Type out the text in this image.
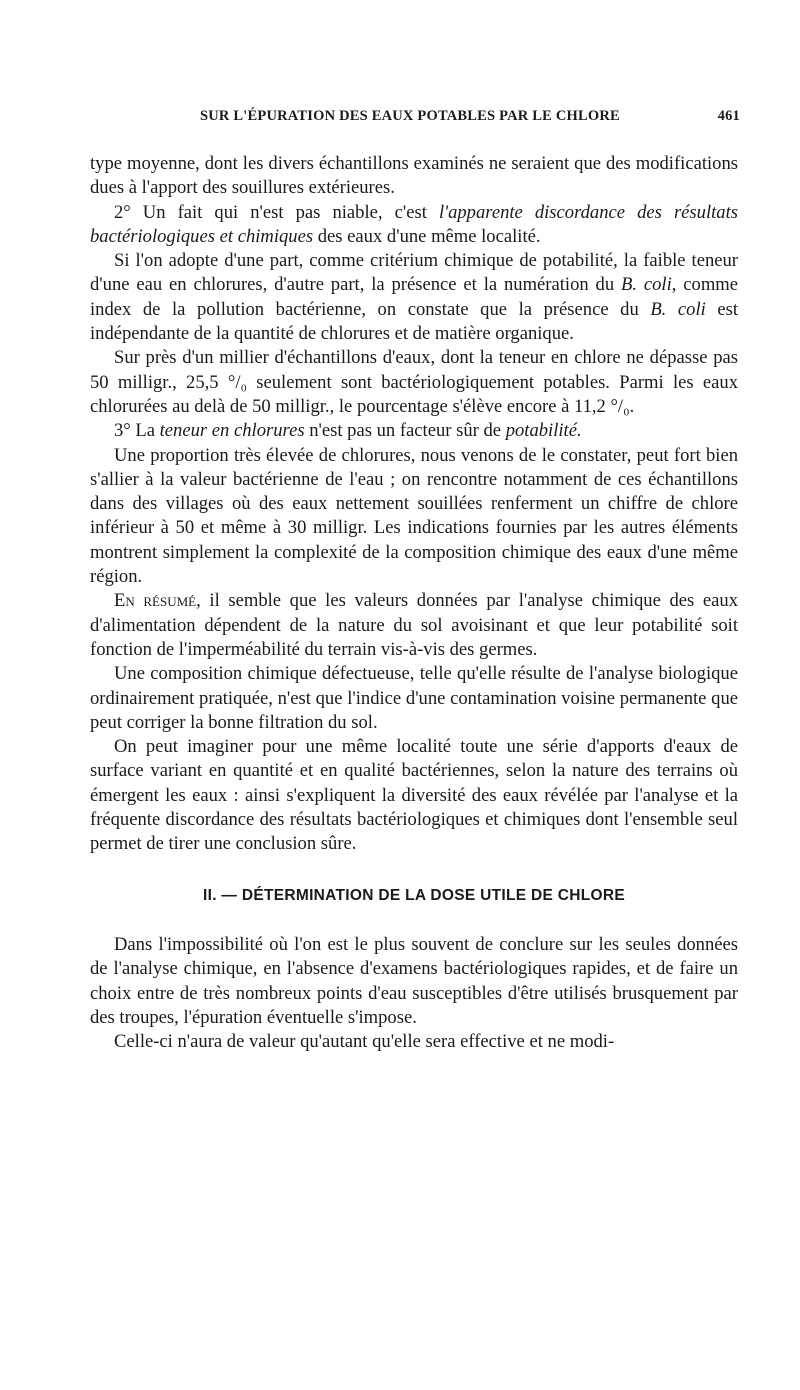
SUR L'ÉPURATION DES EAUX POTABLES PAR LE CHLORE	461

type moyenne, dont les divers échantillons examinés ne seraient que des modifications dues à l'apport des souillures extérieures.

2° Un fait qui n'est pas niable, c'est l'apparente discordance des résultats bactériologiques et chimiques des eaux d'une même localité.

Si l'on adopte d'une part, comme critérium chimique de potabilité, la faible teneur d'une eau en chlorures, d'autre part, la présence et la numération du B. coli, comme index de la pollution bactérienne, on constate que la présence du B. coli est indépendante de la quantité de chlorures et de matière organique.

Sur près d'un millier d'échantillons d'eaux, dont la teneur en chlore ne dépasse pas 50 milligr., 25,5 °/₀ seulement sont bactériologiquement potables. Parmi les eaux chlorurées au delà de 50 milligr., le pourcentage s'élève encore à 11,2 °/₀.

3° La teneur en chlorures n'est pas un facteur sûr de potabilité.

Une proportion très élevée de chlorures, nous venons de le constater, peut fort bien s'allier à la valeur bactérienne de l'eau ; on rencontre notamment de ces échantillons dans des villages où des eaux nettement souillées renferment un chiffre de chlore inférieur à 50 et même à 30 milligr. Les indications fournies par les autres éléments montrent simplement la complexité de la composition chimique des eaux d'une même région.

En résumé, il semble que les valeurs données par l'analyse chimique des eaux d'alimentation dépendent de la nature du sol avoisinant et que leur potabilité soit fonction de l'imperméabilité du terrain vis-à-vis des germes.

Une composition chimique défectueuse, telle qu'elle résulte de l'analyse biologique ordinairement pratiquée, n'est que l'indice d'une contamination voisine permanente que peut corriger la bonne filtration du sol.

On peut imaginer pour une même localité toute une série d'apports d'eaux de surface variant en quantité et en qualité bactériennes, selon la nature des terrains où émergent les eaux : ainsi s'expliquent la diversité des eaux révélée par l'analyse et la fréquente discordance des résultats bactériologiques et chimiques dont l'ensemble seul permet de tirer une conclusion sûre.

II. — DÉTERMINATION DE LA DOSE UTILE DE CHLORE

Dans l'impossibilité où l'on est le plus souvent de conclure sur les seules données de l'analyse chimique, en l'absence d'examens bactériologiques rapides, et de faire un choix entre de très nombreux points d'eau susceptibles d'être utilisés brusquement par des troupes, l'épuration éventuelle s'impose.

Celle-ci n'aura de valeur qu'autant qu'elle sera effective et ne modi-
